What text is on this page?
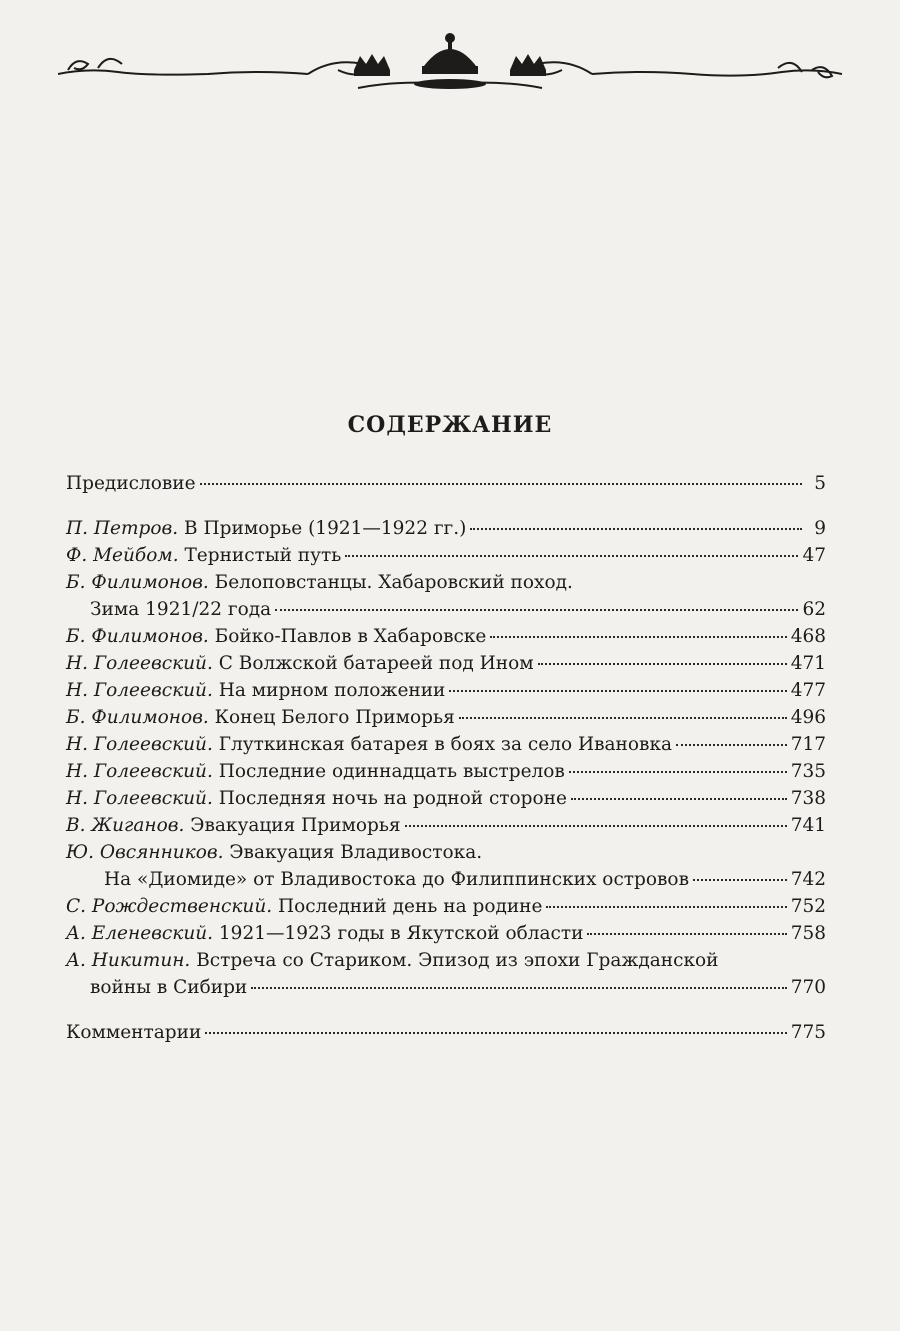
СОДЕРЖАНИЕ
Предисловие	5
П. Петров. В Приморье (1921—1922 гг.)	9
Ф. Мейбом. Тернистый путь	47
Б. Филимонов. Белоповстанцы. Хабаровский поход.
Зима 1921/22 года	62
Б. Филимонов. Бойко-Павлов в Хабаровске	468
Н. Голеевский. С Волжской батареей под Ином	471
Н. Голеевский. На мирном положении	477
Б. Филимонов. Конец Белого Приморья	496
Н. Голеевский. Глуткинская батарея в боях за село Ивановка	717
Н. Голеевский. Последние одиннадцать выстрелов	735
Н. Голеевский. Последняя ночь на родной стороне	738
В. Жиганов. Эвакуация Приморья	741
Ю. Овсянников. Эвакуация Владивостока.
На «Диомиде» от Владивостока до Филиппинских островов	742
С. Рождественский. Последний день на родине	752
А. Еленевский. 1921—1923 годы в Якутской области	758
А. Никитин. Встреча со Стариком. Эпизод из эпохи Гражданской
войны в Сибири	770
Комментарии	775
